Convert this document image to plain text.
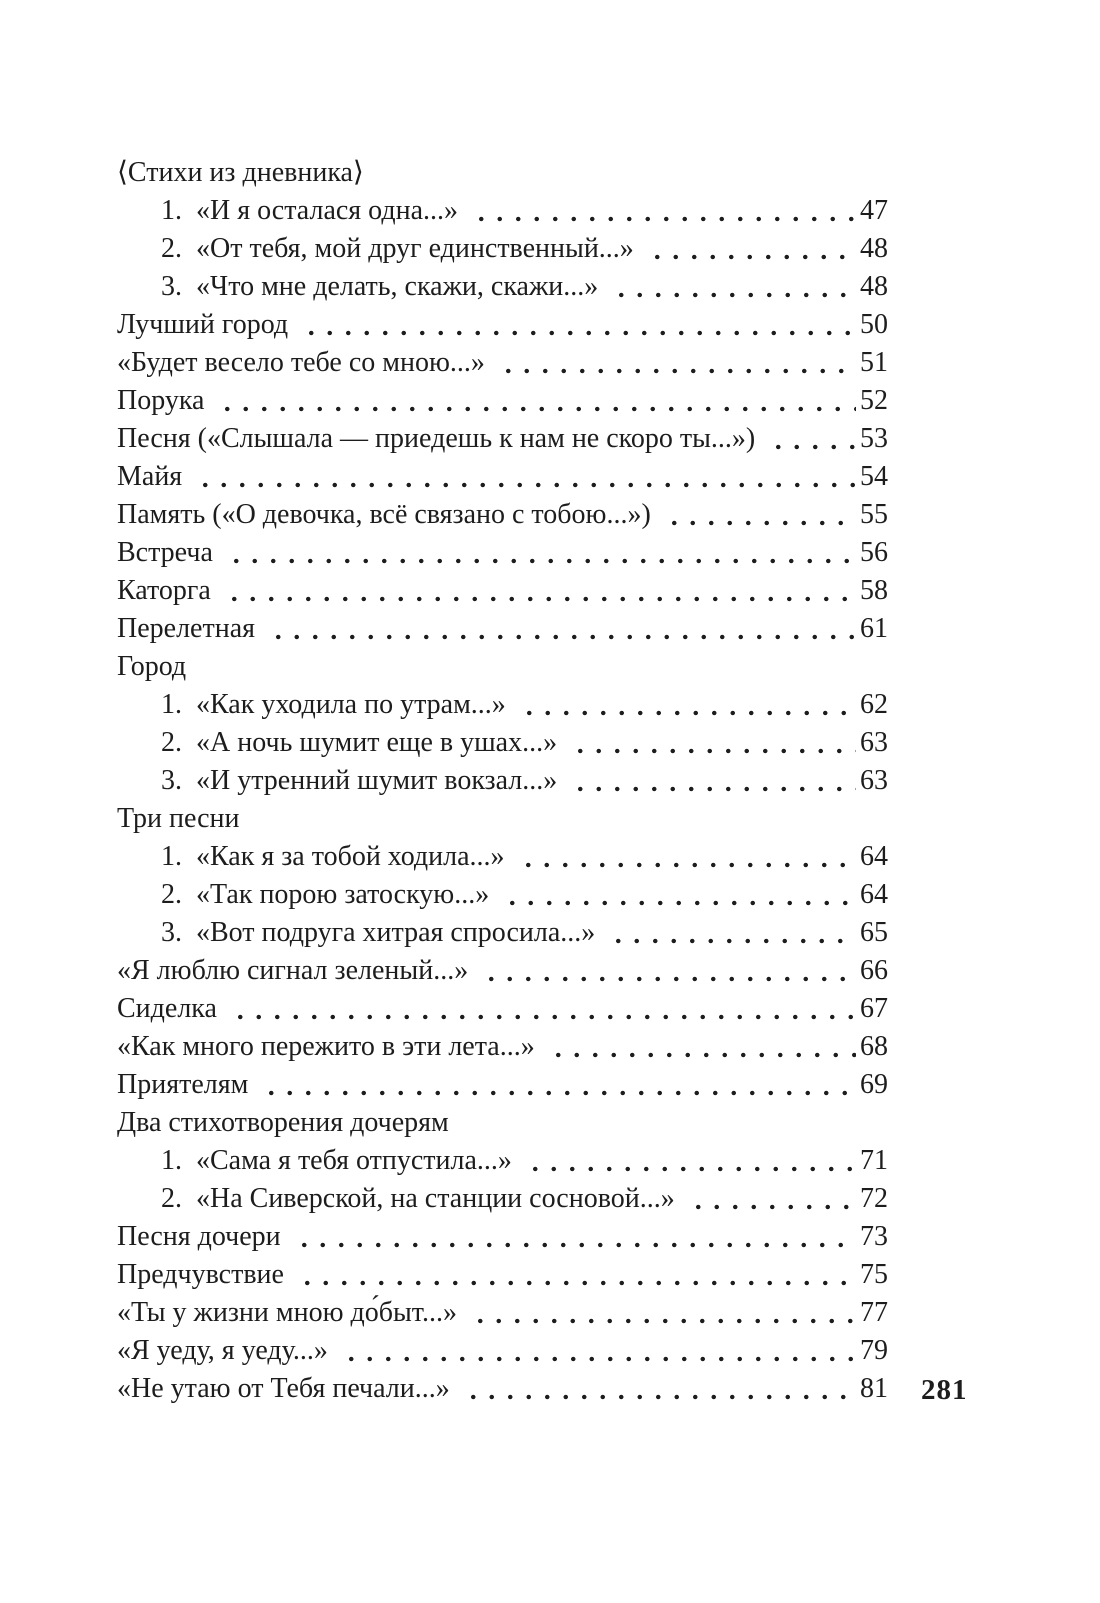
⟨Стихи из дневника⟩
1. «И я осталася одна...»	47
2. «От тебя, мой друг единственный...»	48
3. «Что мне делать, скажи, скажи...»	48
Лучший город	50
«Будет весело тебе со мною...»	51
Порука	52
Песня («Слышала — приедешь к нам не скоро ты...»)	53
Майя	54
Память («О девочка, всё связано с тобою...»)	55
Встреча	56
Каторга	58
Перелетная	61
Город
1. «Как уходила по утрам...»	62
2. «А ночь шумит еще в ушах...»	63
3. «И утренний шумит вокзал...»	63
Три песни
1. «Как я за тобой ходила...»	64
2. «Так порою затоскую...»	64
3. «Вот подруга хитрая спросила...»	65
«Я люблю сигнал зеленый...»	66
Сиделка	67
«Как много пережито в эти лета...»	68
Приятелям	69
Два стихотворения дочерям
1. «Сама я тебя отпустила...»	71
2. «На Сиверской, на станции сосновой...»	72
Песня дочери	73
Предчувствие	75
«Ты у жизни мною до́быт...»	77
«Я уеду, я уеду...»	79
«Не утаю от Тебя печали...»	81 281
